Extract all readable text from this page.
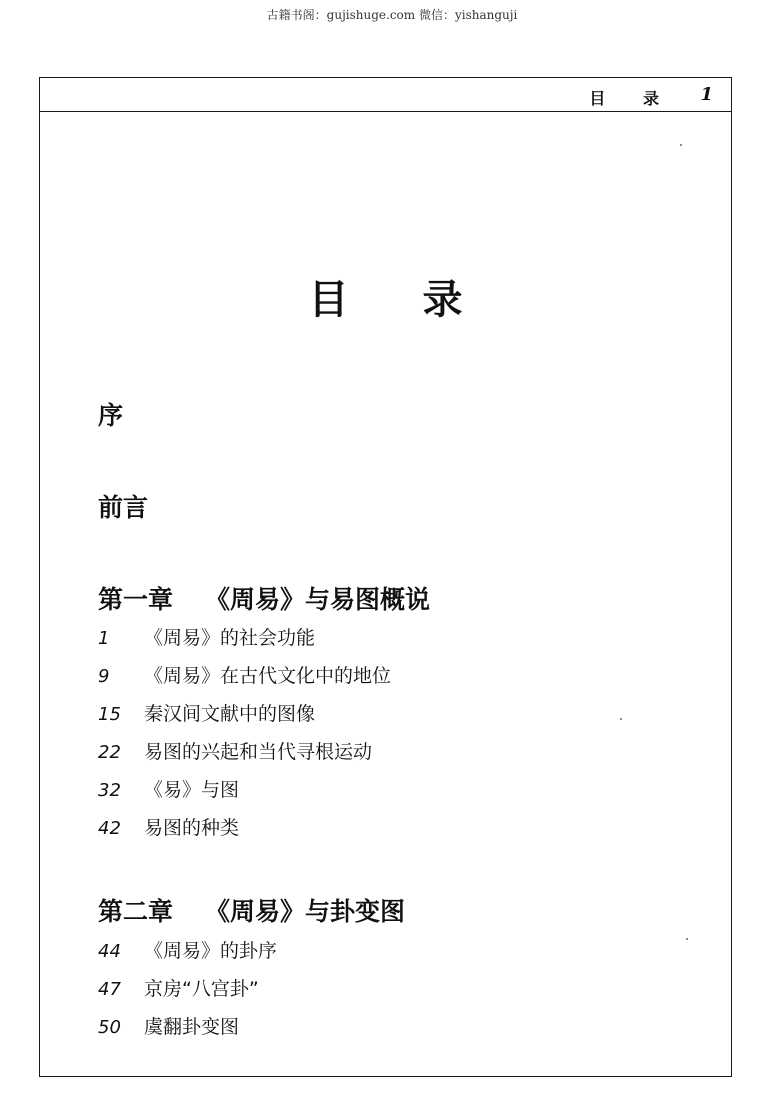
古籍书阁：gujishuge.com 微信：yishanguji
目 录 1
目 录
序
前言
第一章 《周易》与易图概说
1 《周易》的社会功能
9 《周易》在古代文化中的地位
15 秦汉间文献中的图像
22 易图的兴起和当代寻根运动
32 《易》与图
42 易图的种类
第二章 《周易》与卦变图
44 《周易》的卦序
47 京房“八宫卦”
50 虞翻卦变图
